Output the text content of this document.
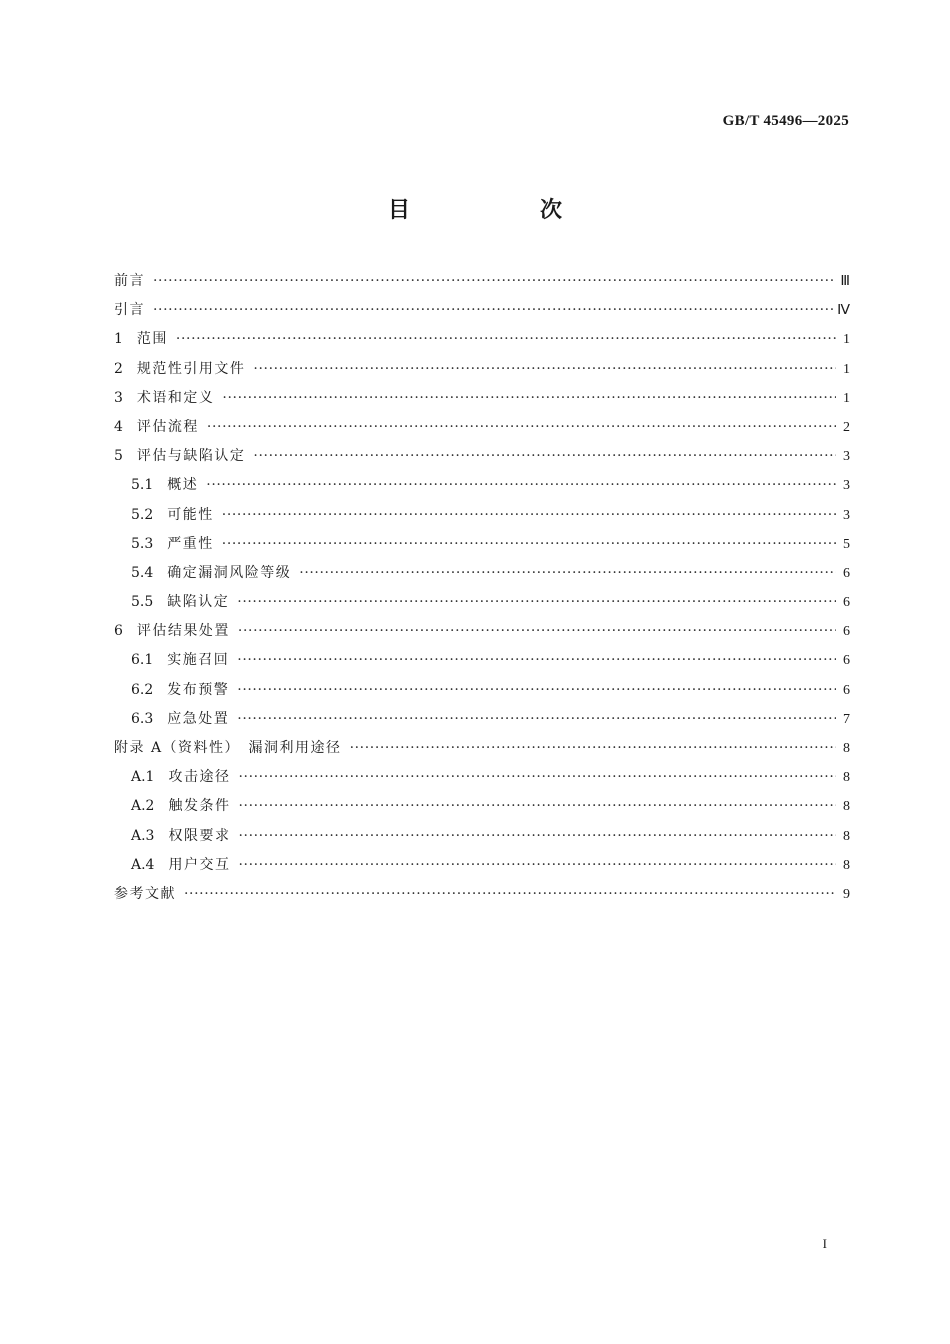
GB/T 45496—2025
目　次
前言 ·····	Ⅲ
引言 ·····	Ⅳ
1 范围 ·····	1
2 规范性引用文件 ·····	1
3 术语和定义 ·····	1
4 评估流程 ·····	2
5 评估与缺陷认定 ·····	3
5.1 概述 ·····	3
5.2 可能性 ·····	3
5.3 严重性 ·····	5
5.4 确定漏洞风险等级 ·····	6
5.5 缺陷认定 ·····	6
6 评估结果处置 ·····	6
6.1 实施召回 ·····	6
6.2 发布预警 ·····	6
6.3 应急处置 ·····	7
附录 A（资料性）　漏洞利用途径 ·····	8
A.1 攻击途径 ·····	8
A.2 触发条件 ·····	8
A.3 权限要求 ·····	8
A.4 用户交互 ·····	8
参考文献 ·····	9
I
